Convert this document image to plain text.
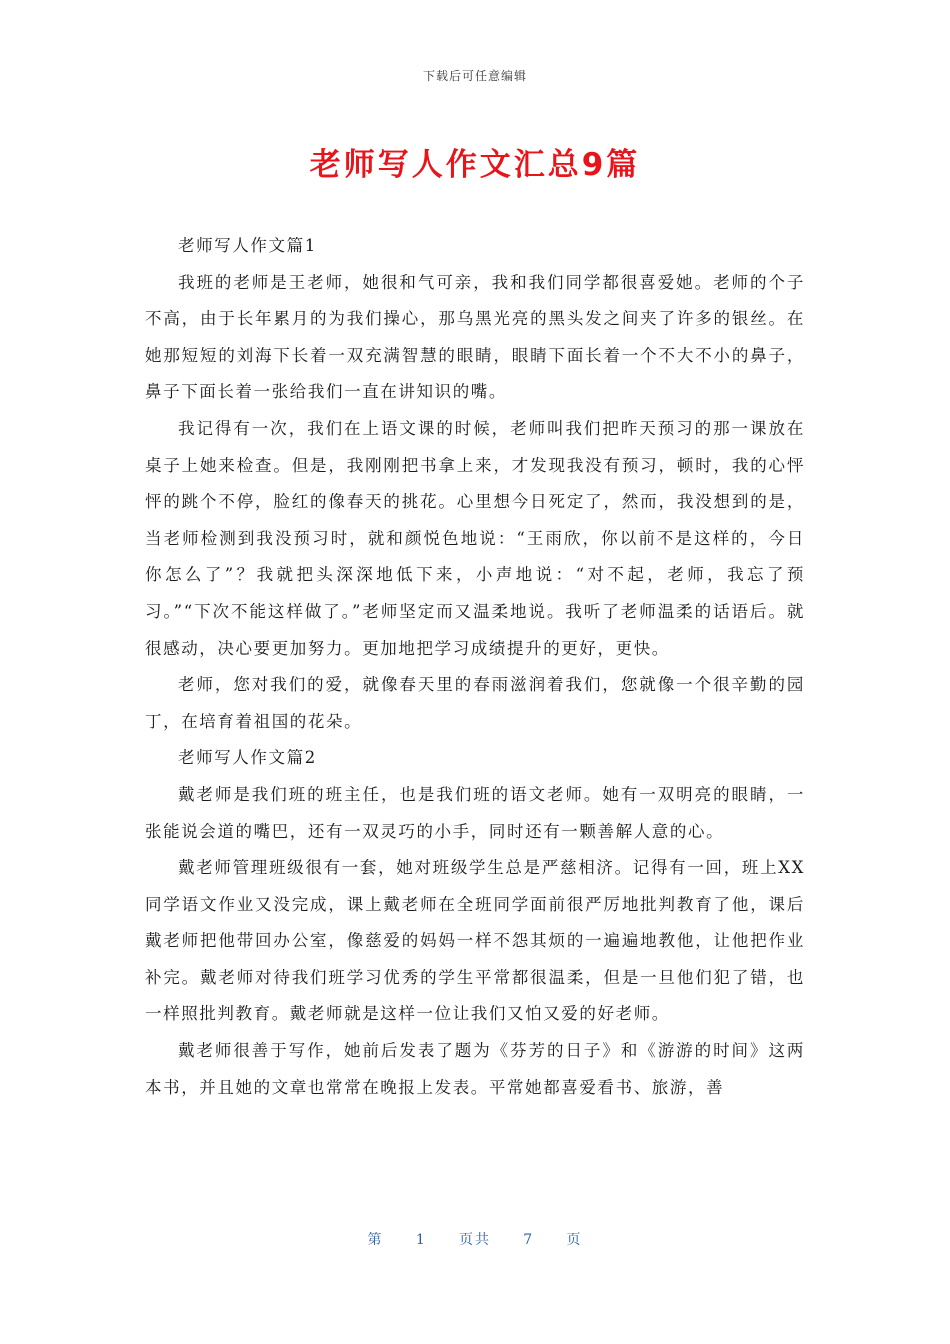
下载后可任意编辑
老师写人作文汇总9篇

老师写人作文篇1

我班的老师是王老师，她很和气可亲，我和我们同学都很喜爱她。老师的个子不高，由于长年累月的为我们操心，那乌黑光亮的黑头发之间夹了许多的银丝。在她那短短的刘海下长着一双充满智慧的眼睛，眼睛下面长着一个不大不小的鼻子，鼻子下面长着一张给我们一直在讲知识的嘴。

我记得有一次，我们在上语文课的时候，老师叫我们把昨天预习的那一课放在桌子上她来检查。但是，我刚刚把书拿上来，才发现我没有预习，顿时，我的心怦怦的跳个不停，脸红的像春天的挑花。心里想今日死定了，然而，我没想到的是，当老师检测到我没预习时，就和颜悦色地说：“王雨欣，你以前不是这样的，今日你怎么了”？我就把头深深地低下来，小声地说：“对不起，老师，我忘了预习。”“下次不能这样做了。”老师坚定而又温柔地说。我听了老师温柔的话语后。就很感动，决心要更加努力。更加地把学习成绩提升的更好，更快。

老师，您对我们的爱，就像春天里的春雨滋润着我们，您就像一个很辛勤的园丁，在培育着祖国的花朵。

老师写人作文篇2

戴老师是我们班的班主任，也是我们班的语文老师。她有一双明亮的眼睛，一张能说会道的嘴巴，还有一双灵巧的小手，同时还有一颗善解人意的心。

戴老师管理班级很有一套，她对班级学生总是严慈相济。记得有一回，班上XX同学语文作业又没完成，课上戴老师在全班同学面前很严厉地批判教育了他，课后戴老师把他带回办公室，像慈爱的妈妈一样不怨其烦的一遍遍地教他，让他把作业补完。戴老师对待我们班学习优秀的学生平常都很温柔，但是一旦他们犯了错，也一样照批判教育。戴老师就是这样一位让我们又怕又爱的好老师。

戴老师很善于写作，她前后发表了题为《芬芳的日子》和《游游的时间》这两本书，并且她的文章也常常在晚报上发表。平常她都喜爱看书、旅游，善

第 1 页共 7 页
